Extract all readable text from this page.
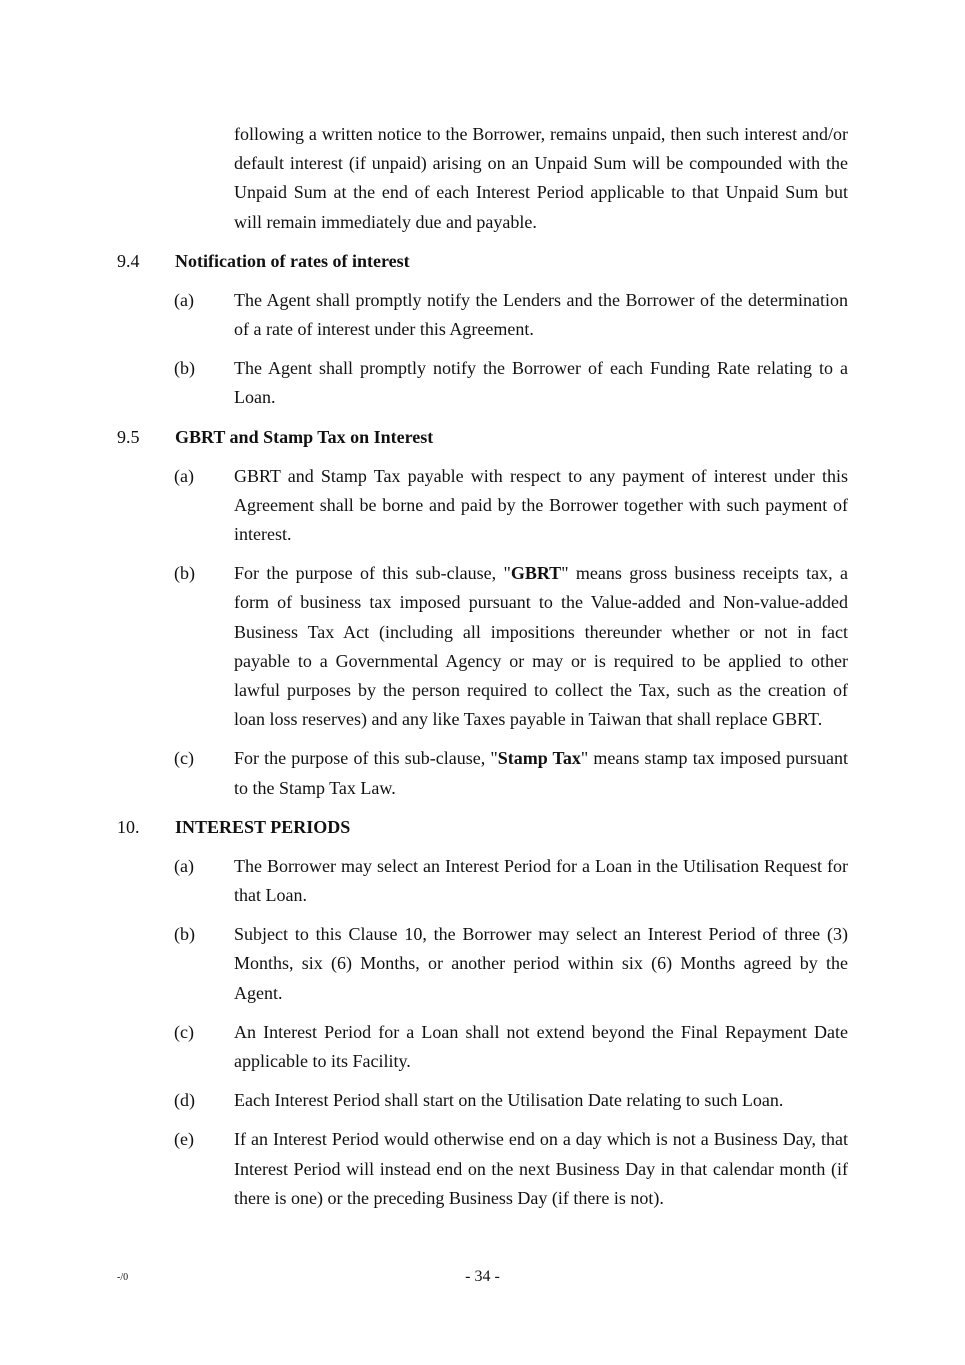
following a written notice to the Borrower, remains unpaid, then such interest and/or default interest (if unpaid) arising on an Unpaid Sum will be compounded with the Unpaid Sum at the end of each Interest Period applicable to that Unpaid Sum but will remain immediately due and payable.

9.4 Notification of rates of interest
(a) The Agent shall promptly notify the Lenders and the Borrower of the determination of a rate of interest under this Agreement.
(b) The Agent shall promptly notify the Borrower of each Funding Rate relating to a Loan.
9.5 GBRT and Stamp Tax on Interest
(a) GBRT and Stamp Tax payable with respect to any payment of interest under this Agreement shall be borne and paid by the Borrower together with such payment of interest.
(b) For the purpose of this sub-clause, "GBRT" means gross business receipts tax, a form of business tax imposed pursuant to the Value-added and Non-value-added Business Tax Act (including all impositions thereunder whether or not in fact payable to a Governmental Agency or may or is required to be applied to other lawful purposes by the person required to collect the Tax, such as the creation of loan loss reserves) and any like Taxes payable in Taiwan that shall replace GBRT.
(c) For the purpose of this sub-clause, "Stamp Tax" means stamp tax imposed pursuant to the Stamp Tax Law.
10. INTEREST PERIODS
(a) The Borrower may select an Interest Period for a Loan in the Utilisation Request for that Loan.
(b) Subject to this Clause 10, the Borrower may select an Interest Period of three (3) Months, six (6) Months, or another period within six (6) Months agreed by the Agent.
(c) An Interest Period for a Loan shall not extend beyond the Final Repayment Date applicable to its Facility.
(d) Each Interest Period shall start on the Utilisation Date relating to such Loan.
(e) If an Interest Period would otherwise end on a day which is not a Business Day, that Interest Period will instead end on the next Business Day in that calendar month (if there is one) or the preceding Business Day (if there is not).
-/0	- 34 -
